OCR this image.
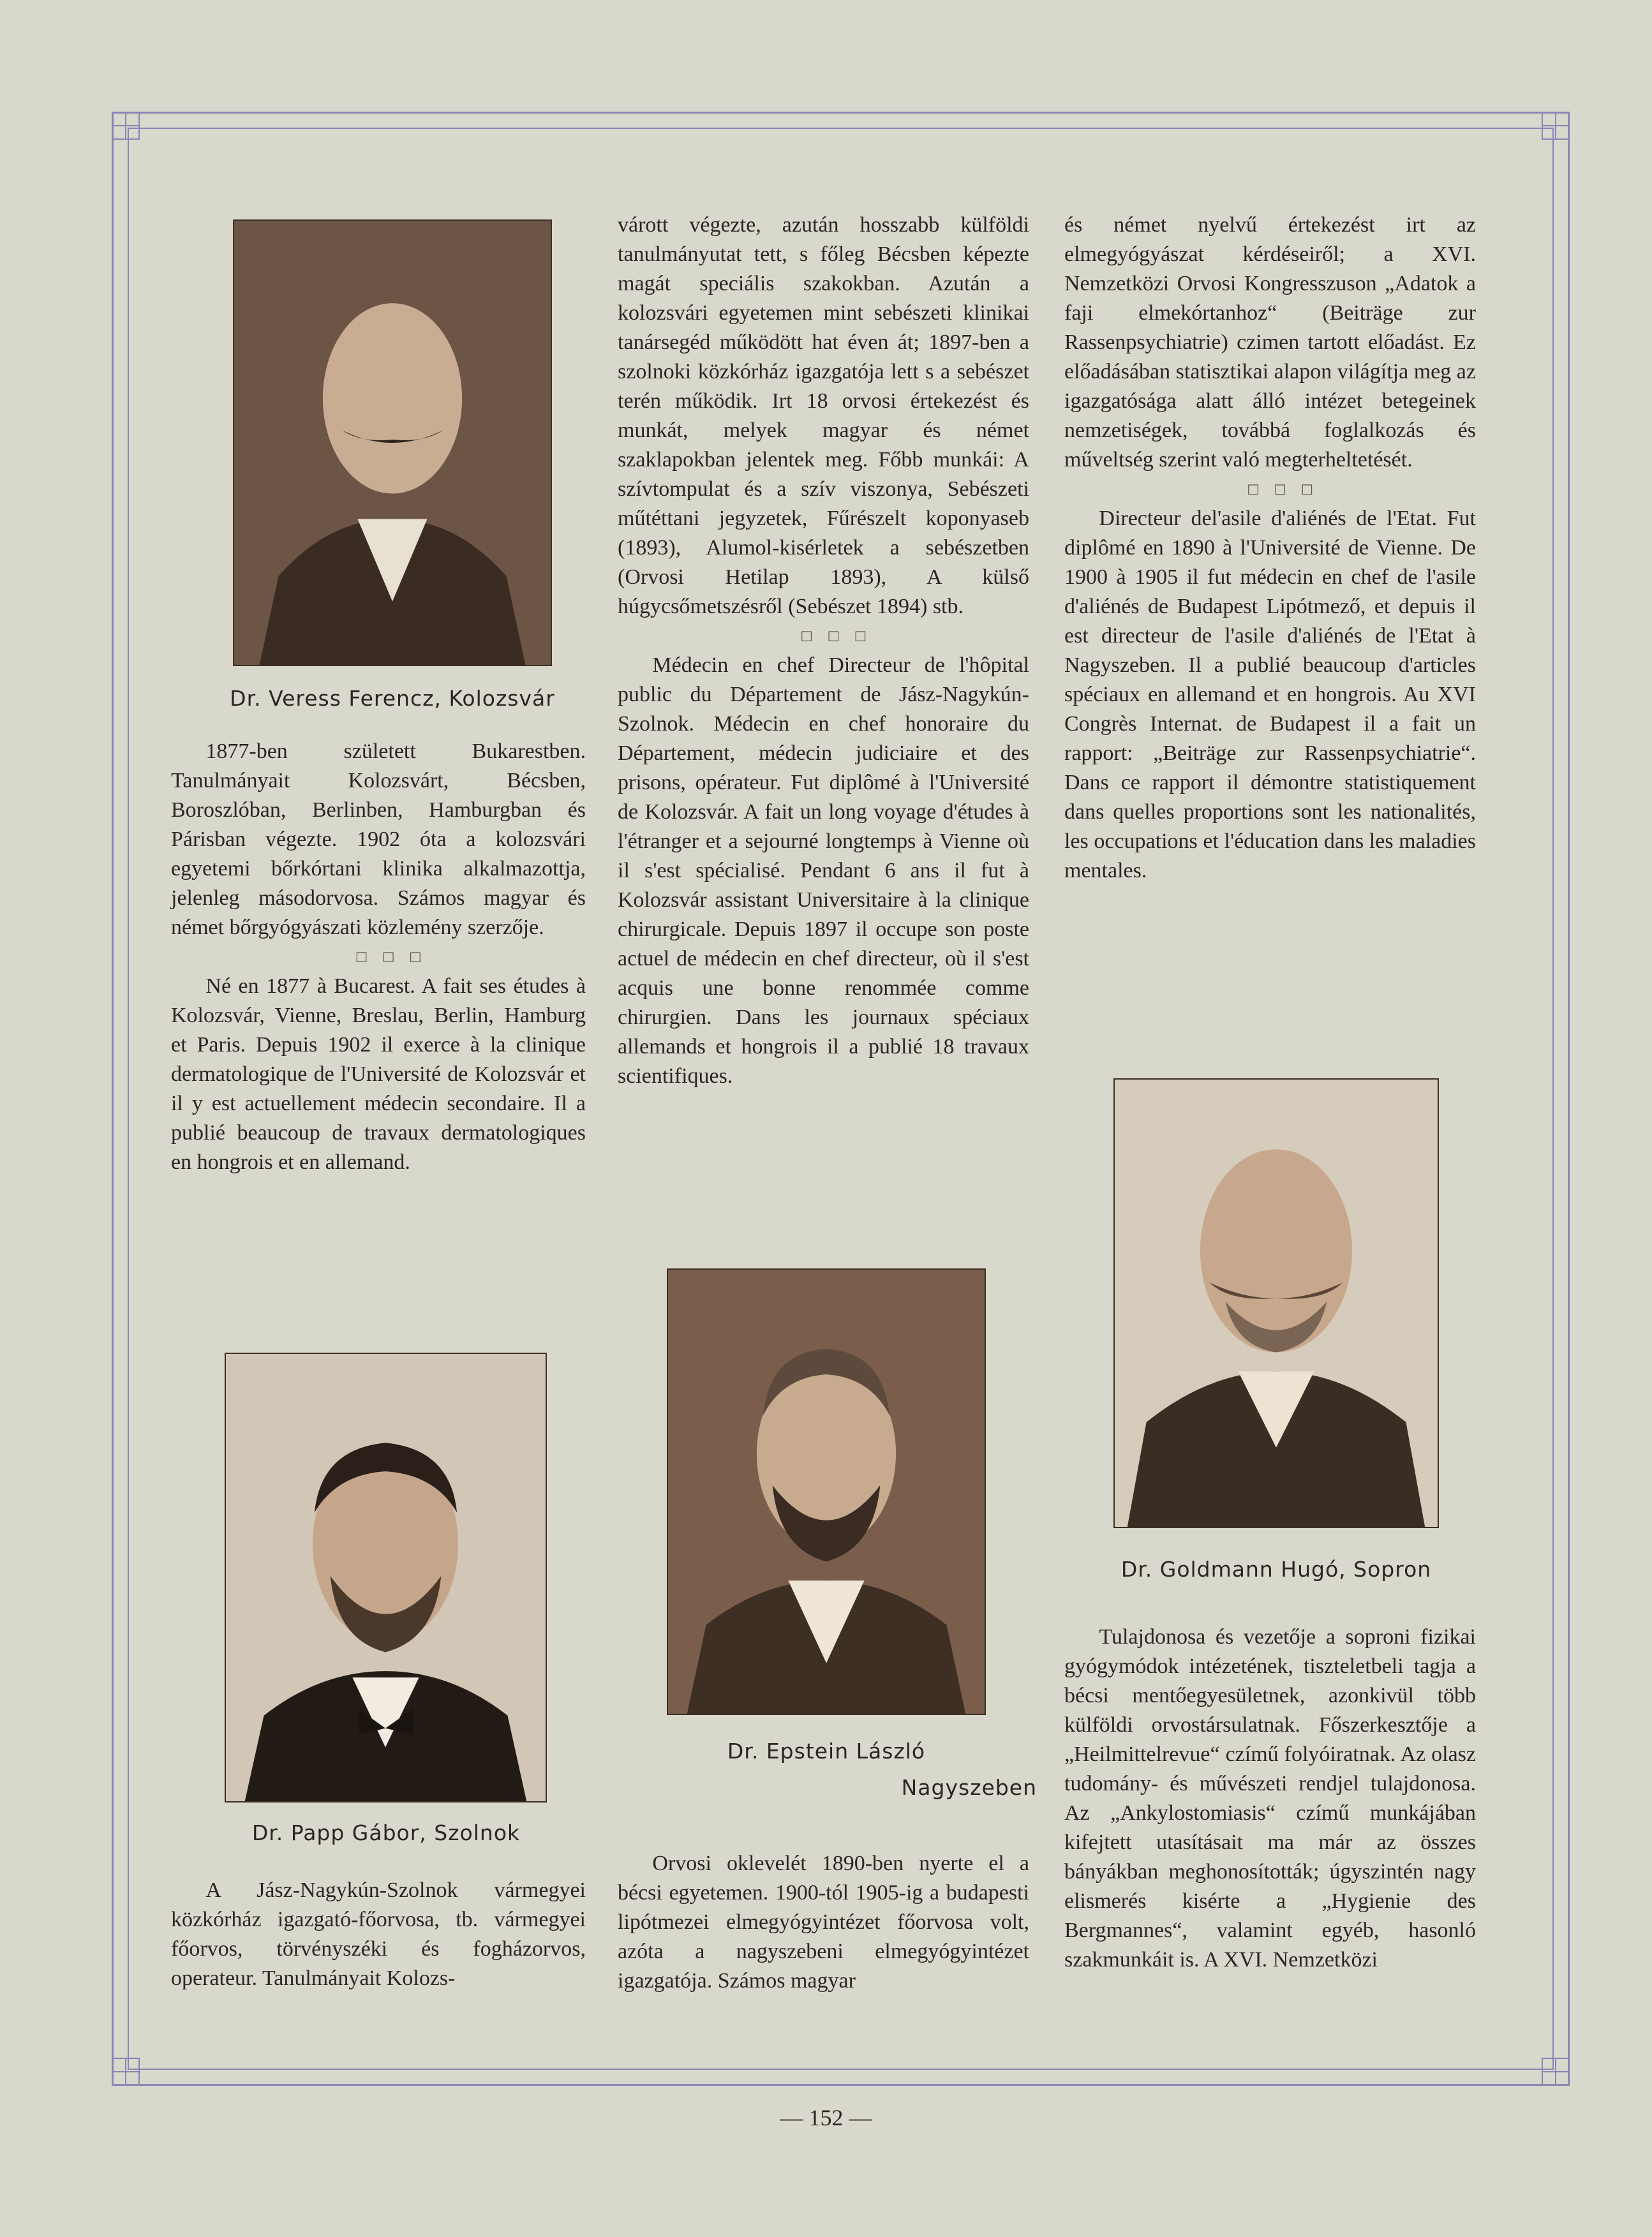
Dr. Veress Ferencz, Kolozsvár

1877-ben született Bukarestben. Tanulmányait Kolozsvárt, Bécsben, Boroszlóban, Berlinben, Hamburgban és Párisban végezte. 1902 óta a kolozsvári egyetemi bőrkórtani klinika alkalmazottja, jelenleg másodorvosa. Számos magyar és német bőrgyógyászati közlemény szerzője.

□ □ □

Né en 1877 à Bucarest. A fait ses études à Kolozsvár, Vienne, Breslau, Berlin, Hamburg et Paris. Depuis 1902 il exerce à la clinique dermatologique de l'Université de Kolozsvár et il y est actuellement médecin secondaire. Il a publié beaucoup de travaux dermatologiques en hongrois et en allemand.

Dr. Papp Gábor, Szolnok

A Jász-Nagykún-Szolnok vármegyei közkórház igazgató-főorvosa, tb. vármegyei főorvos, törvényszéki és fogházorvos, operateur. Tanulmányait Kolozs-

várott végezte, azután hosszabb külföldi tanulmányutat tett, s főleg Bécsben képezte magát speciális szakokban. Azután a kolozsvári egyetemen mint sebészeti klinikai tanársegéd működött hat éven át; 1897-ben a szolnoki közkórház igazgatója lett s a sebészet terén működik. Irt 18 orvosi értekezést és munkát, melyek magyar és német szaklapokban jelentek meg. Főbb munkái: A szívtompulat és a szív viszonya, Sebészeti műtéttani jegyzetek, Fűrészelt koponyaseb (1893), Alumol-kisérletek a sebészetben (Orvosi Hetilap 1893), A külső húgycsőmetszésről (Sebészet 1894) stb.

□ □ □

Médecin en chef Directeur de l'hôpital public du Département de Jász-Nagykún-Szolnok. Médecin en chef honoraire du Département, médecin judiciaire et des prisons, opérateur. Fut diplômé à l'Université de Kolozsvár. A fait un long voyage d'études à l'étranger et a sejourné longtemps à Vienne où il s'est spécialisé. Pendant 6 ans il fut à Kolozsvár assistant Universitaire à la clinique chirurgicale. Depuis 1897 il occupe son poste actuel de médecin en chef directeur, où il s'est acquis une bonne renommée comme chirurgien. Dans les journaux spéciaux allemands et hongrois il a publié 18 travaux scientifiques.

Dr. Epstein László
Nagyszeben

Orvosi oklevelét 1890-ben nyerte el a bécsi egyetemen. 1900-tól 1905-ig a budapesti lipótmezei elmegyógyintézet főorvosa volt, azóta a nagyszebeni elmegyógyintézet igazgatója. Számos magyar

és német nyelvű értekezést irt az elmegyógyászat kérdéseiről; a XVI. Nemzetközi Orvosi Kongresszuson „Adatok a faji elmekórtanhoz“ (Beiträge zur Rassenpsychiatrie) czimen tartott előadást. Ez előadásában statisztikai alapon világítja meg az igazgatósága alatt álló intézet betegeinek nemzetiségek, továbbá foglalkozás és műveltség szerint való megterheltetését.

□ □ □

Directeur del'asile d'aliénés de l'Etat. Fut diplômé en 1890 à l'Université de Vienne. De 1900 à 1905 il fut médecin en chef de l'asile d'aliénés de Budapest Lipótmező, et depuis il est directeur de l'asile d'aliénés de l'Etat à Nagyszeben. Il a publié beaucoup d'articles spéciaux en allemand et en hongrois. Au XVI Congrès Internat. de Budapest il a fait un rapport: „Beiträge zur Rassenpsychiatrie“. Dans ce rapport il démontre statistiquement dans quelles proportions sont les nationalités, les occupations et l'éducation dans les maladies mentales.

Dr. Goldmann Hugó, Sopron

Tulajdonosa és vezetője a soproni fizikai gyógymódok intézetének, tiszteletbeli tagja a bécsi mentőegyesületnek, azonkivül több külföldi orvostársulatnak. Főszerkesztője a „Heilmittelrevue“ czímű folyóiratnak. Az olasz tudomány- és művészeti rendjel tulajdonosa. Az „Ankylostomiasis“ czímű munkájában kifejtett utasításait ma már az összes bányákban meghonosították; úgyszintén nagy elismerés kisérte a „Hygienie des Bergmannes“, valamint egyéb, hasonló szakmunkáit is. A XVI. Nemzetközi

— 152 —
